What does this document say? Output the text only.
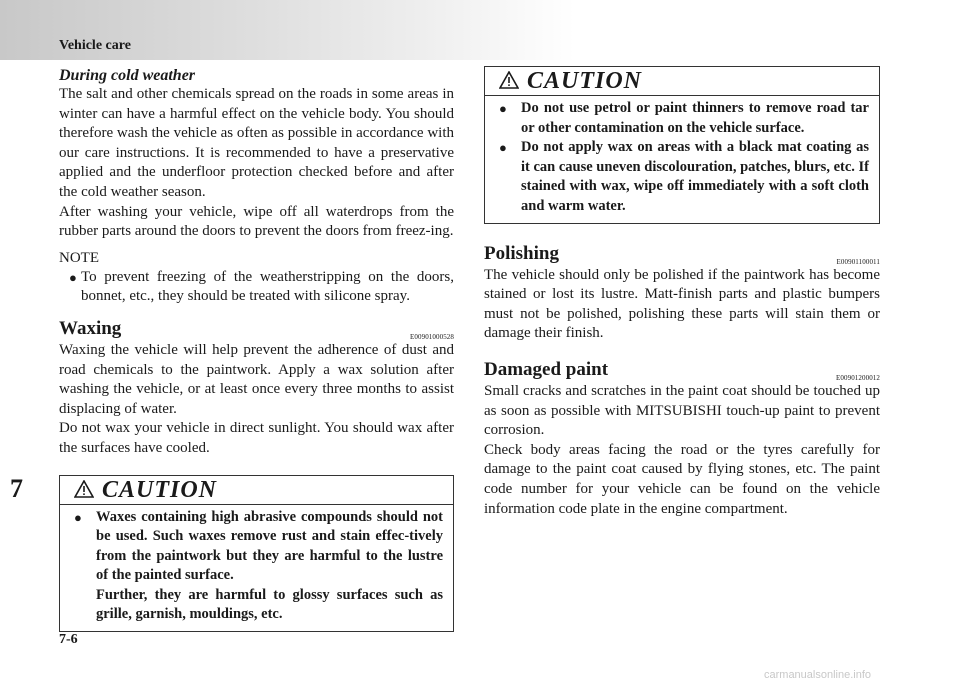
Vehicle care
7
7-6
carmanualsonline.info
During cold weather

The salt and other chemicals spread on the roads in some areas in winter can have a harmful effect on the vehicle body. You should therefore wash the vehicle as often as possible in accordance with our care instructions. It is recommended to have a preservative applied and the underfloor protection checked before and after the cold weather season.

After washing your vehicle, wipe off all waterdrops from the rubber parts around the doors to prevent the doors from freez-ing.

NOTE
● To prevent freezing of the weatherstripping on the doors, bonnet, etc., they should be treated with silicone spray.
Waxing	E00901000528

Waxing the vehicle will help prevent the adherence of dust and road chemicals to the paintwork. Apply a wax solution after washing the vehicle, or at least once every three months to assist displacing of water.

Do not wax your vehicle in direct sunlight. You should wax after the surfaces have cooled.

CAUTION
● Waxes containing high abrasive compounds should not be used. Such waxes remove rust and stain effec-tively from the paintwork but they are harmful to the lustre of the painted surface.
Further, they are harmful to glossy surfaces such as grille, garnish, mouldings, etc.
CAUTION
● Do not use petrol or paint thinners to remove road tar or other contamination on the vehicle surface.
● Do not apply wax on areas with a black mat coating as it can cause uneven discolouration, patches, blurs, etc. If stained with wax, wipe off immediately with a soft cloth and warm water.
Polishing	E00901100011

The vehicle should only be polished if the paintwork has become stained or lost its lustre. Matt-finish parts and plastic bumpers must not be polished, polishing these parts will stain them or damage their finish.

Damaged paint	E00901200012

Small cracks and scratches in the paint coat should be touched up as soon as possible with MITSUBISHI touch-up paint to prevent corrosion.

Check body areas facing the road or the tyres carefully for damage to the paint coat caused by flying stones, etc. The paint code number for your vehicle can be found on the vehicle information code plate in the engine compartment.
